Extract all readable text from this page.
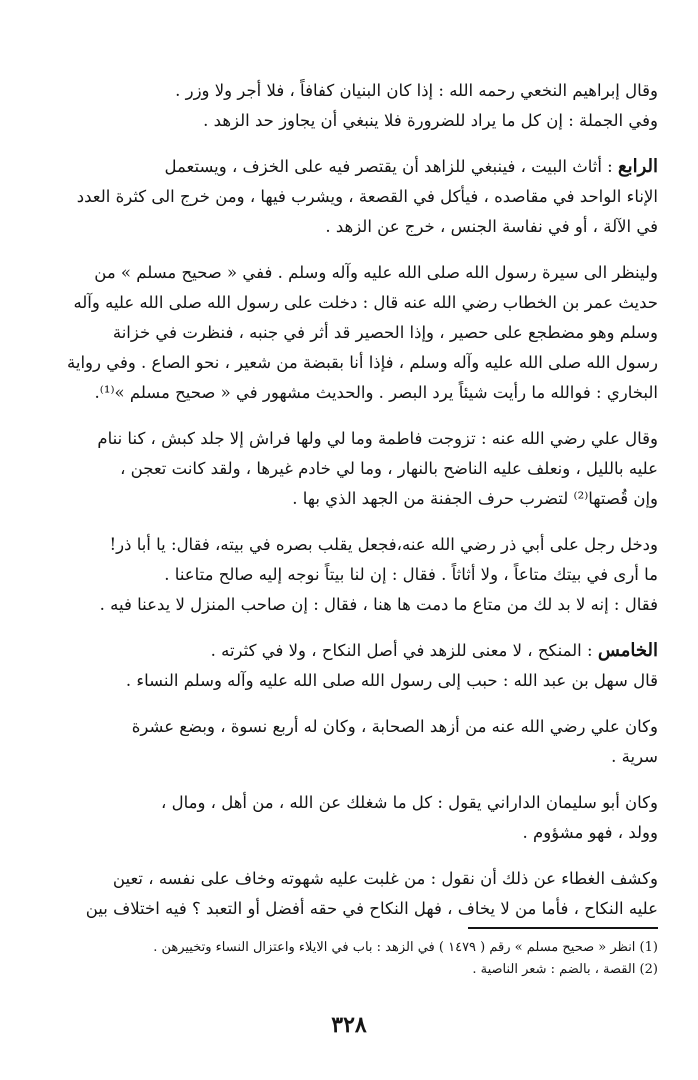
وقال إبراهيم النخعي رحمه الله : إذا كان البنيان كفافاً ، فلا أجر ولا وزر .
وفي الجملة : إن كل ما يراد للضرورة فلا ينبغي أن يجاوز حد الزهد .

الرابع : أثاث البيت ، فينبغي للزاهد أن يقتصر فيه على الخزف ، ويستعمل
الإناء الواحد في مقاصده ، فيأكل في القصعة ، ويشرب فيها ، ومن خرج الى كثرة العدد
في الآلة ، أو في نفاسة الجنس ، خرج عن الزهد .

ولينظر الى سيرة رسول الله صلى الله عليه وآله وسلم . ففي « صحيح مسلم » من
حديث عمر بن الخطاب رضي الله عنه قال : دخلت على رسول الله صلى الله عليه وآله
وسلم وهو مضطجع على حصير ، وإذا الحصير قد أثر في جنبه ، فنظرت في خزانة
رسول الله صلى الله عليه وآله وسلم ، فإذا أنا بقبضة من شعير ، نحو الصاع . وفي رواية
البخاري : فوالله ما رأيت شيئاً يرد البصر . والحديث مشهور في « صحيح مسلم »⁽¹⁾.

وقال علي رضي الله عنه : تزوجت فاطمة وما لي ولها فراش إلا جلد كبش ، كنا ننام
عليه بالليل ، ونعلف عليه الناضح بالنهار ، وما لي خادم غيرها ، ولقد كانت تعجن ،
وإن قُصتها⁽²⁾ لتضرب حرف الجفنة من الجهد الذي بها .

ودخل رجل على أبي ذر رضي الله عنه،فجعل يقلب بصره في بيته، فقال: يا أبا ذر!
ما أرى في بيتك متاعاً ، ولا أثاثاً . فقال : إن لنا بيتاً نوجه إليه صالح متاعنا .
فقال : إنه لا بد لك من متاع ما دمت ها هنا ، فقال : إن صاحب المنزل لا يدعنا فيه .

الخامس : المنكح ، لا معنى للزهد في أصل النكاح ، ولا في كثرته .
قال سهل بن عبد الله : حبب إلى رسول الله صلى الله عليه وآله وسلم النساء .

وكان علي رضي الله عنه من أزهد الصحابة ، وكان له أربع نسوة ، وبضع عشرة
سرية .

وكان أبو سليمان الداراني يقول : كل ما شغلك عن الله ، من أهل ، ومال ،
وولد ، فهو مشؤوم .

وكشف الغطاء عن ذلك أن نقول : من غلبت عليه شهوته وخاف على نفسه ، تعين
عليه النكاح ، فأما من لا يخاف ، فهل النكاح في حقه أفضل أو التعبد ؟ فيه اختلاف بين

(1) انظر « صحيح مسلم » رقم ( ١٤٧٩ ) في الزهد : باب في الايلاء واعتزال النساء وتخييرهن .
(2) القصة ، بالضم : شعر الناصية .
٣٢٨
